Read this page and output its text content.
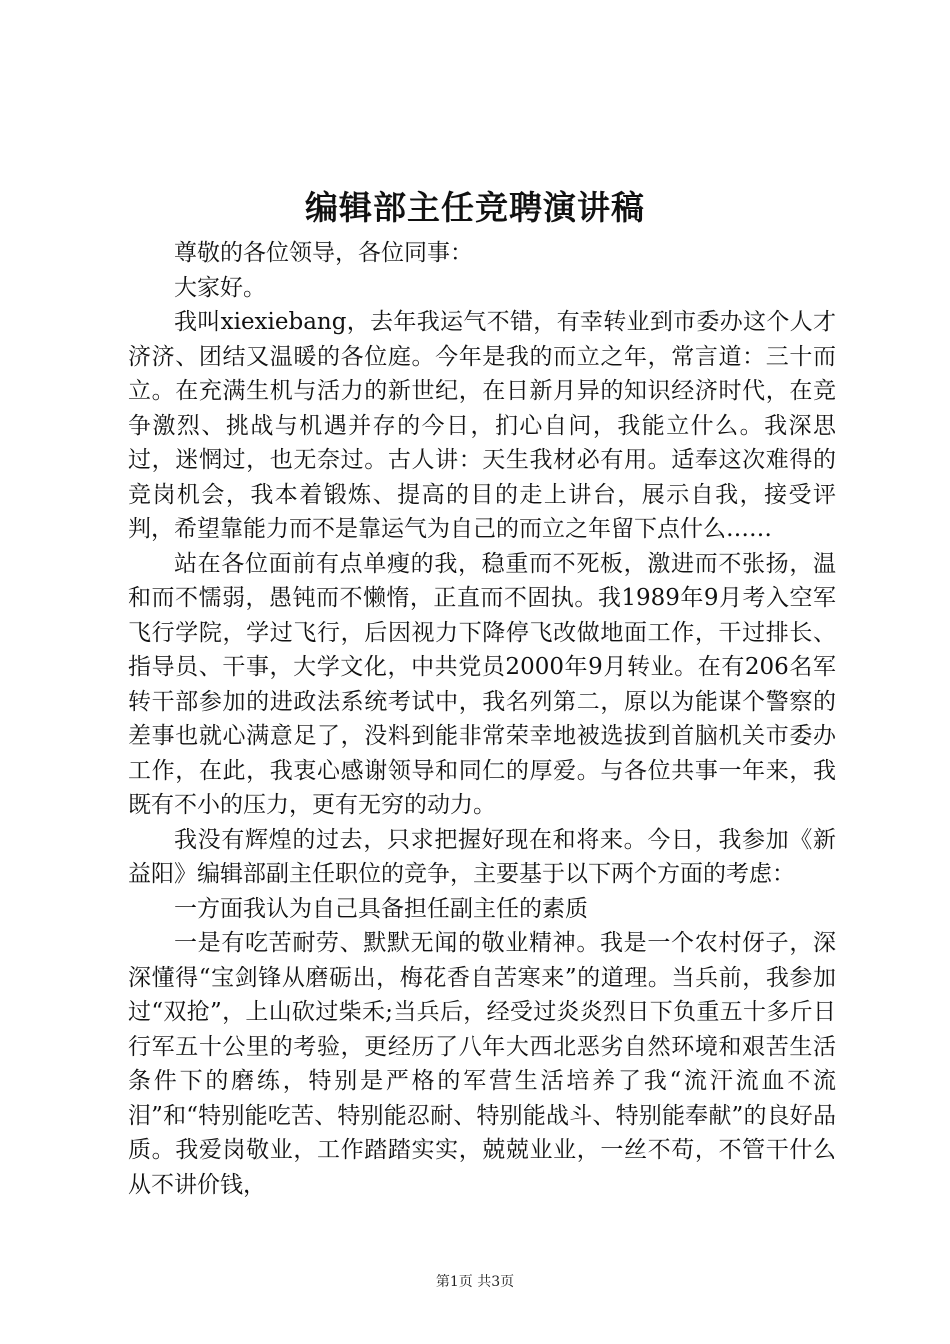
编辑部主任竞聘演讲稿

尊敬的各位领导，各位同事：

大家好。

我叫xiexiebang，去年我运气不错，有幸转业到市委办这个人才济济、团结又温暖的各位庭。今年是我的而立之年，常言道：三十而立。在充满生机与活力的新世纪，在日新月异的知识经济时代，在竞争激烈、挑战与机遇并存的今日，扪心自问，我能立什么。我深思过，迷惘过，也无奈过。古人讲：天生我材必有用。适奉这次难得的竞岗机会，我本着锻炼、提高的目的走上讲台，展示自我，接受评判，希望靠能力而不是靠运气为自己的而立之年留下点什么……

站在各位面前有点单瘦的我，稳重而不死板，激进而不张扬，温和而不懦弱，愚钝而不懒惰，正直而不固执。我1989年9月考入空军飞行学院，学过飞行，后因视力下降停飞改做地面工作，干过排长、指导员、干事，大学文化，中共党员2000年9月转业。在有206名军转干部参加的进政法系统考试中，我名列第二，原以为能谋个警察的差事也就心满意足了，没料到能非常荣幸地被选拔到首脑机关市委办工作，在此，我衷心感谢领导和同仁的厚爱。与各位共事一年来，我既有不小的压力，更有无穷的动力。

我没有辉煌的过去，只求把握好现在和将来。今日，我参加《新益阳》编辑部副主任职位的竞争，主要基于以下两个方面的考虑：

一方面我认为自己具备担任副主任的素质

一是有吃苦耐劳、默默无闻的敬业精神。我是一个农村伢子，深深懂得“宝剑锋从磨砺出，梅花香自苦寒来”的道理。当兵前，我参加过“双抢”，上山砍过柴禾;当兵后，经受过炎炎烈日下负重五十多斤日行军五十公里的考验，更经历了八年大西北恶劣自然环境和艰苦生活条件下的磨练，特别是严格的军营生活培养了我“流汗流血不流泪”和“特别能吃苦、特别能忍耐、特别能战斗、特别能奉献”的良好品质。我爱岗敬业，工作踏踏实实，兢兢业业，一丝不苟，不管干什么从不讲价钱，

第1页 共3页
